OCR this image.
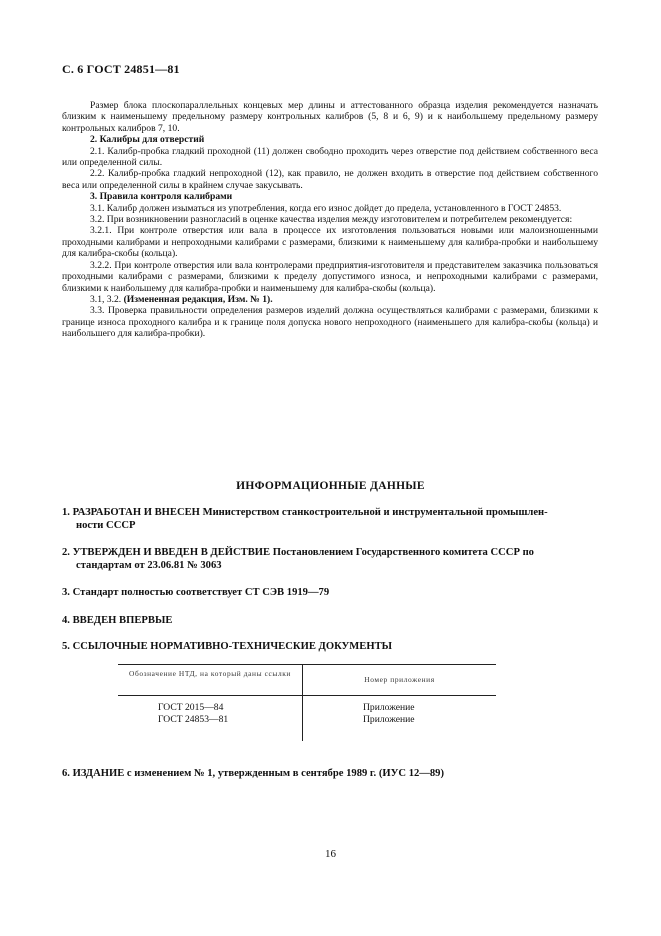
С. 6 ГОСТ 24851—81

Размер блока плоскопараллельных концевых мер длины и аттестованного образца изделия рекомендуется назначать близким к наименьшему предельному размеру контрольных калибров (5, 8 и 6, 9) и к наибольшему предельному размеру контрольных калибров 7, 10.

2. Калибры для отверстий

2.1. Калибр-пробка гладкий проходной (11) должен свободно проходить через отверстие под действием собственного веса или определенной силы.

2.2. Калибр-пробка гладкий непроходной (12), как правило, не должен входить в отверстие под действием собственного веса или определенной силы в крайнем случае закусывать.

3. Правила контроля калибрами

3.1. Калибр должен изыматься из употребления, когда его износ дойдет до предела, установленного в ГОСТ 24853.

3.2. При возникновении разногласий в оценке качества изделия между изготовителем и потребителем рекомендуется:

3.2.1. При контроле отверстия или вала в процессе их изготовления пользоваться новыми или малоизношенными проходными калибрами и непроходными калибрами с размерами, близкими к наименьшему для калибра-пробки и наибольшему для калибра-скобы (кольца).

3.2.2. При контроле отверстия или вала контролерами предприятия-изготовителя и представителем заказчика пользоваться проходными калибрами с размерами, близкими к пределу допустимого износа, и непроходными калибрами с размерами, близкими к наибольшему для калибра-пробки и наименьшему для калибра-скобы (кольца).

3.1, 3.2. (Измененная редакция, Изм. № 1).

3.3. Проверка правильности определения размеров изделий должна осуществляться калибрами с размерами, близкими к границе износа проходного калибра и к границе поля допуска нового непроходного (наименьшего для калибра-скобы (кольца) и наибольшего для калибра-пробки).

ИНФОРМАЦИОННЫЕ ДАННЫЕ
1. РАЗРАБОТАН И ВНЕСЕН Министерством станкостроительной и инструментальной промышлен-
ности СССР
2. УТВЕРЖДЕН И ВВЕДЕН В ДЕЙСТВИЕ Постановлением Государственного комитета СССР по
стандартам от 23.06.81 № 3063
3. Стандарт полностью соответствует СТ СЭВ 1919—79
4. ВВЕДЕН ВПЕРВЫЕ
5. ССЫЛОЧНЫЕ НОРМАТИВНО-ТЕХНИЧЕСКИЕ ДОКУМЕНТЫ
Обозначение НТД, на который даны ссылки
Номер приложения
ГОСТ 2015—84	Приложение
ГОСТ 24853—81	Приложение
6. ИЗДАНИЕ с изменением № 1, утвержденным в сентябре 1989 г. (ИУС 12—89)
16
